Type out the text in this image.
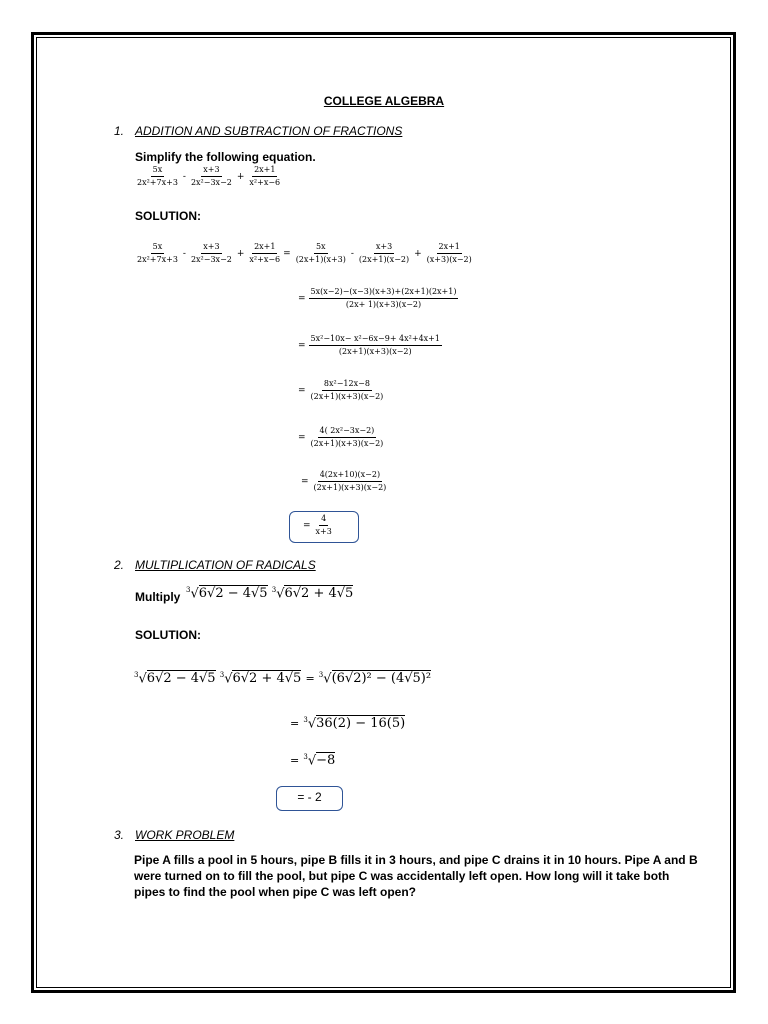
COLLEGE ALGEBRA
1. ADDITION AND SUBTRACTION OF FRACTIONS
Simplify the following equation.
$\frac{5x}{\text{2x²+7x+3}} - \frac{x+3}{\text{2x²−3x−2}} + \frac{2x+1}{\text{x²+x−6}}$
SOLUTION:
$\frac{5x}{\text{2x²+7x+3}} - \frac{x+3}{\text{2x²−3x−2}} + \frac{2x+1}{\text{x²+x−6}} = \frac{5x}{(2x+1)(x+3)} - \frac{x+3}{(2x+1)(x-2)} + \frac{2x+1}{(x+3)(x-2)}$
= $\frac{5x(x-2)-(x-3)(x+3)+(2x+1)(2x+1)}{(2x+ 1)(x+3)(x-2)}$
= $\frac{\text{5x²−10x− x²−6x−9+ 4x²+4x+1}}{(2x+1)(x+3)(x-2)}$
= $\frac{\text{8x²−12x−8}}{(2x+1)(x+3)(x-2)}$
= $\frac{\text{4( 2x²−3x−2)}}{(2x+1)(x+3)(x-2)}$
= $\frac{4(2x+10)(x-2)}{(2x+1)(x+3)(x-2)}$
= $\frac{4}{x+3}$
2. MULTIPLICATION OF RADICALS
Multiply $^3$√6√2 − 4√5 $^3$√6√2 + 4√5
SOLUTION:
$^3$√6√2 − 4√5 $^3$√6√2 + 4√5 = $^3$√(6√2)² − (4√5)²
= $^3$√36(2) − 16(5)
= $^3$√−8
= - 2
3. WORK PROBLEM
Pipe A fills a pool in 5 hours, pipe B fills it in 3 hours, and pipe C drains it in 10 hours. Pipe A and B were turned on to fill the pool, but pipe C was accidentally left open. How long will it take both pipes to find the pool when pipe C was left open?
